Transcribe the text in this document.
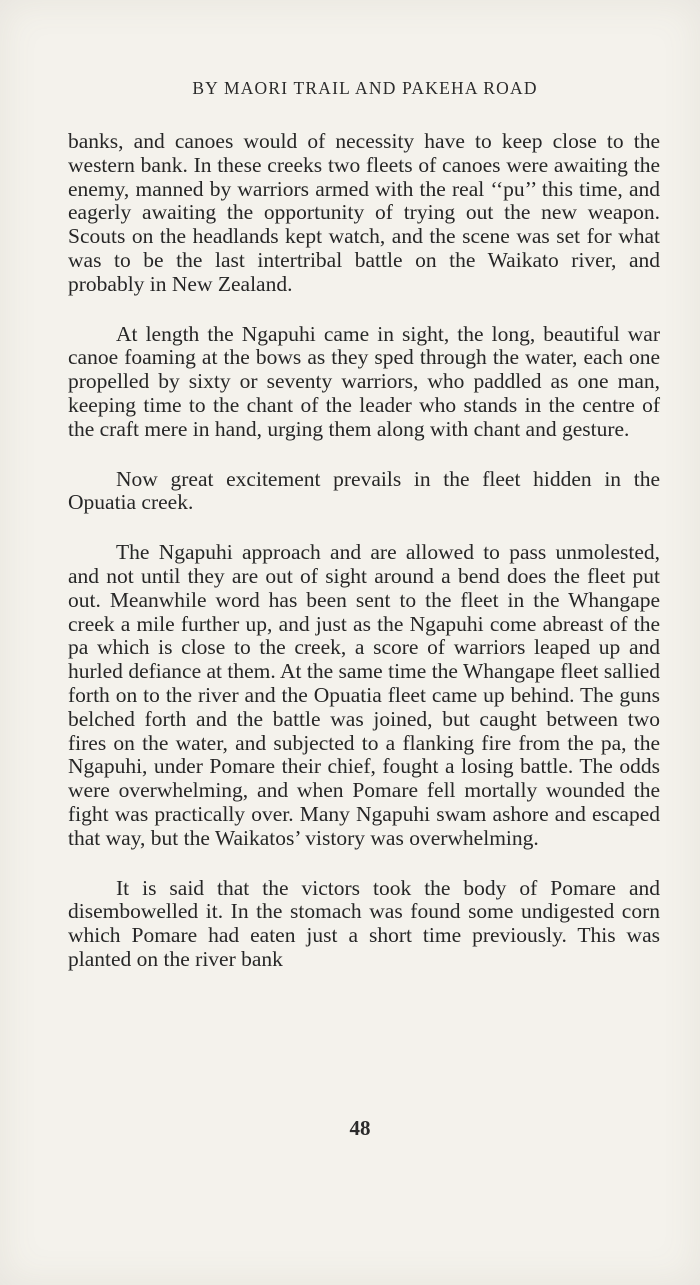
BY MAORI TRAIL AND PAKEHA ROAD

banks, and canoes would of necessity have to keep close to the western bank. In these creeks two fleets of canoes were awaiting the enemy, manned by warriors armed with the real ‘‘pu’’ this time, and eagerly awaiting the opportunity of trying out the new weapon. Scouts on the headlands kept watch, and the scene was set for what was to be the last intertribal battle on the Waikato river, and probably in New Zealand.

At length the Ngapuhi came in sight, the long, beautiful war canoe foaming at the bows as they sped through the water, each one propelled by sixty or seventy warriors, who paddled as one man, keeping time to the chant of the leader who stands in the centre of the craft mere in hand, urging them along with chant and gesture.

Now great excitement prevails in the fleet hidden in the Opuatia creek.

The Ngapuhi approach and are allowed to pass unmolested, and not until they are out of sight around a bend does the fleet put out. Meanwhile word has been sent to the fleet in the Whangape creek a mile further up, and just as the Ngapuhi come abreast of the pa which is close to the creek, a score of warriors leaped up and hurled defiance at them. At the same time the Whangape fleet sallied forth on to the river and the Opuatia fleet came up behind. The guns belched forth and the battle was joined, but caught between two fires on the water, and subjected to a flanking fire from the pa, the Ngapuhi, under Pomare their chief, fought a losing battle. The odds were overwhelming, and when Pomare fell mortally wounded the fight was practically over. Many Ngapuhi swam ashore and escaped that way, but the Waikatos’ vistory was overwhelming.

It is said that the victors took the body of Pomare and disembowelled it. In the stomach was found some undigested corn which Pomare had eaten just a short time previously. This was planted on the river bank

48
